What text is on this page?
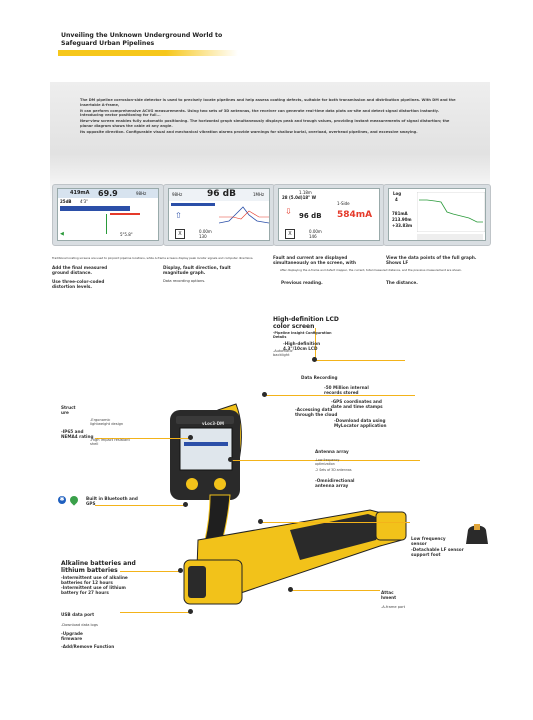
Unveiling the Unknown Underground World to
Safeguard Urban Pipelines

The DM pipeline corrosion-side detector is used to precisely locate pipelines and help assess coating defects, suitable for both transmission and distribution pipelines. With DM and the insertable A-frame,

it can perform comprehensive ACVG measurements. Using two sets of 3D antennas, the receiver can generate real-time data plots on-site and detect signal distortion instantly. Introducing vector positioning for full...

New-view screen enables fully automatic positioning. The horizontal graph simultaneously displays peak and trough values, providing instant measurements of signal distortion; the planar diagram shows the cable at any angle.

Its opposite direction. Configurable visual and mechanical vibration alarms provide warnings for shallow burial, overload, overhead pipelines, and excessive swaying.

419mA 69.9	98Hz
25dB 4'3"
◀	5"5.8"
98Hz	96 dB	1MHz
⇧
X	0.00m
130
1.18m
28 (5.0d)18" W
1-Side
⇩ 96 dB 584mA
X	0.00m
146
Log
4
781mA
213.90m
+33.83m
Traditional locating screens are used to pinpoint pipeline locations, while A-frame screens display peak locator signals and computer directions.
Add the final measured ground distance.
Use three-color-coded distortion levels.
Display, fault direction, fault magnitude graph.
Data recording options.
Fault and current are displayed simultaneously on the screen, with
After displaying the A-frame and defect mapper, the current, total measured distance, and the previous measurement are shown.
Previous reading.
View the data points of the full graph. Shows LF
The distance.
vLoc3-DM
High-definition LCD color screen
-Pipeline Insight Configuration Details
-High-definition 4.3"/10cm LCD
-Automatic backlight
Data Recording
-50 Million internal records stored
-GPS coordinates and date and time stamps
-Accessing data through the cloud
-Download data using MyLocator application
Struct ure
-Ergonomic lightweight design
-IP65 and NEMA4 rating
-High impact resistant shell
Antenna array
-Low frequency optimization
-2 Sets of 3D antennas
-Omnidirectional antenna array
✱	Built in Bluetooth and GPS
Low frequency sensor
-Detachable LF sensor support foot
Alkaline batteries and lithium batteries
-Intermittent use of alkaline batteries for 12 hours
-Intermittent use of lithium battery for 27 hours	Attac hment
-A-frame port
USB data port
-Download data logs
-Upgrade firmware
-Add/Remove Function
